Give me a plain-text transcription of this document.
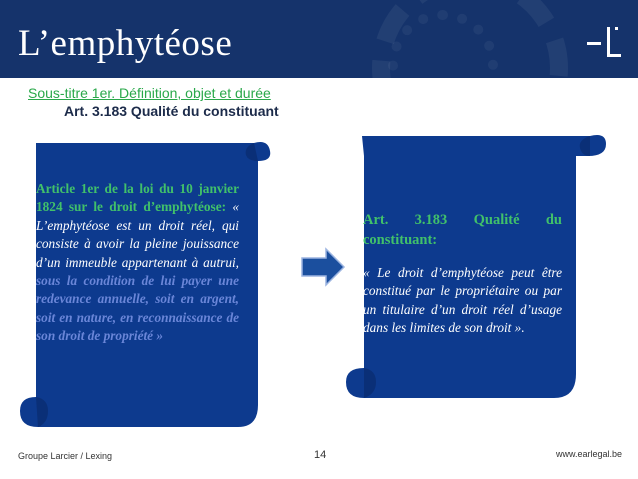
L’emphytéose
Sous-titre 1er. Définition, objet et durée
Art. 3.183 Qualité du constituant
Article 1er de la loi du 10 janvier 1824 sur le droit d’emphytéose: « L’emphytéose est un droit réel, qui consiste à avoir la pleine jouissance d’un immeuble appartenant à autrui, sous la condition de lui payer une redevance annuelle, soit en argent, soit en nature, en reconnaissance de son droit de propriété »
Art. 3.183 Qualité du constituant:
« Le droit d’emphytéose peut être constitué par le propriétaire ou par un titulaire d’un droit réel d’usage dans les limites de son droit ».
Groupe Larcier / Lexing	14	www.earlegal.be
